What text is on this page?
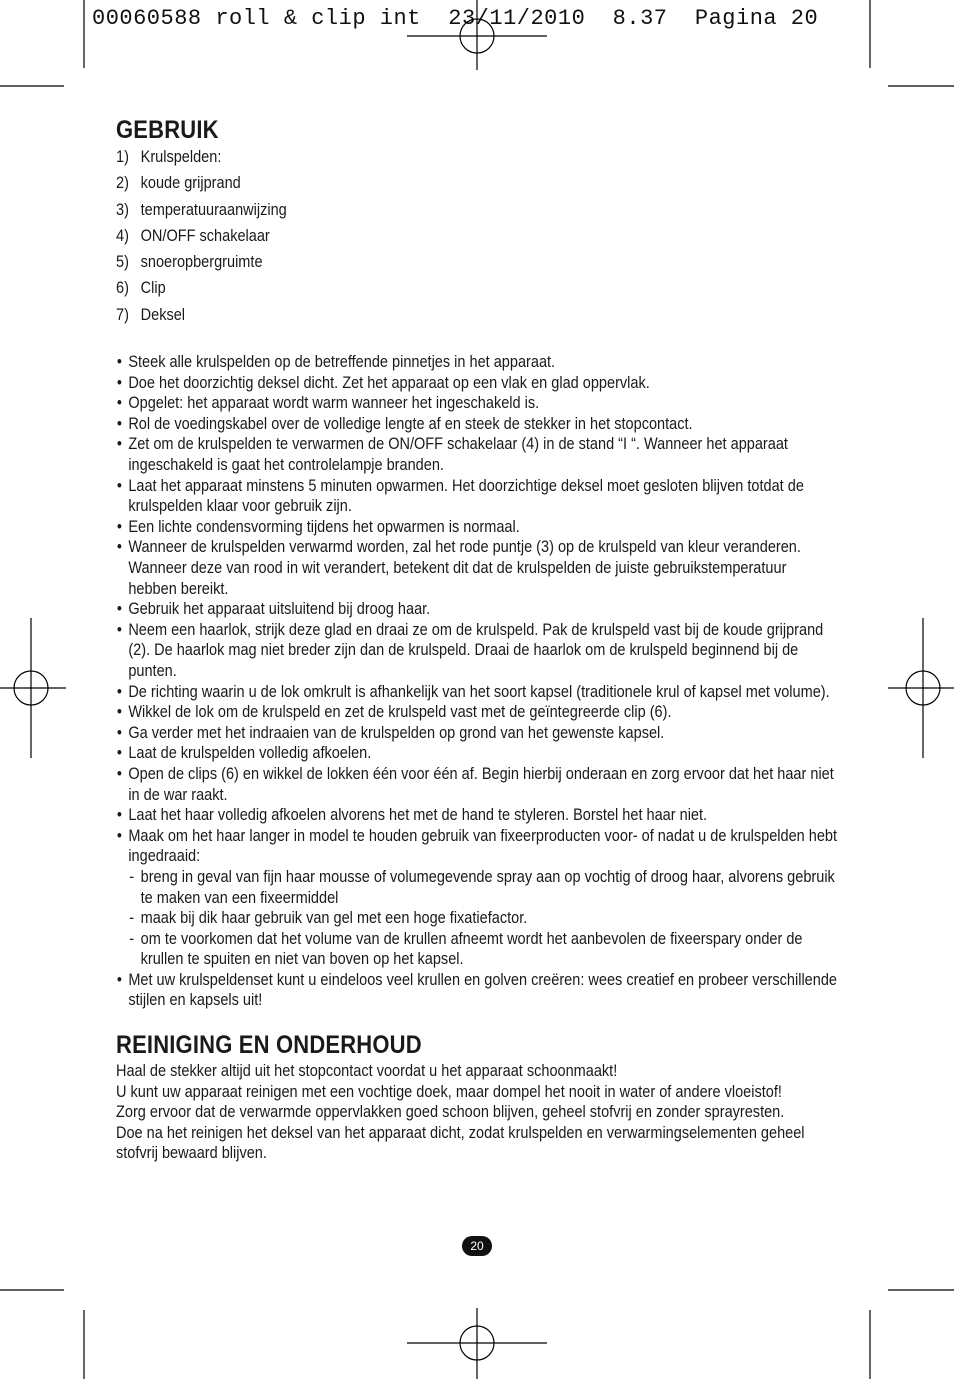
00060588 roll & clip int  23/11/2010  8.37  Pagina 20
GEBRUIK
1) Krulspelden:
2) koude grijprand
3) temperatuuraanwijzing
4) ON/OFF schakelaar
5) snoeropbergruimte
6) Clip
7) Deksel
• Steek alle krulspelden op de betreffende pinnetjes in het apparaat.
• Doe het doorzichtig deksel dicht. Zet het apparaat op een vlak en glad oppervlak.
• Opgelet: het apparaat wordt warm wanneer het ingeschakeld is.
• Rol de voedingskabel over de volledige lengte af en steek de stekker in het stopcontact.
• Zet om de krulspelden te verwarmen de ON/OFF schakelaar (4) in de stand “I “. Wanneer het apparaat ingeschakeld is gaat het controlelampje branden.
• Laat het apparaat minstens 5 minuten opwarmen. Het doorzichtige deksel moet gesloten blijven totdat de krulspelden klaar voor gebruik zijn.
• Een lichte condensvorming tijdens het opwarmen is normaal.
• Wanneer de krulspelden verwarmd worden, zal het rode puntje (3) op de krulspeld van kleur veranderen. Wanneer deze van rood in wit verandert, betekent dit dat de krulspelden de juiste gebruikstemperatuur hebben bereikt.
• Gebruik het apparaat uitsluitend bij droog haar.
• Neem een haarlok, strijk deze glad en draai ze om de krulspeld. Pak de krulspeld vast bij de koude grijprand (2). De haarlok mag niet breder zijn dan de krulspeld. Draai de haarlok om de krulspeld beginnend bij de punten.
• De richting waarin u de lok omkrult is afhankelijk van het soort kapsel (traditionele krul of kapsel met volume).
• Wikkel de lok om de krulspeld en zet de krulspeld vast met de geïntegreerde clip (6).
• Ga verder met het indraaien van de krulspelden op grond van het gewenste kapsel.
• Laat de krulspelden volledig afkoelen.
• Open de clips (6) en wikkel de lokken één voor één af. Begin hierbij onderaan en zorg ervoor dat het haar niet in de war raakt.
• Laat het haar volledig afkoelen alvorens het met de hand te styleren. Borstel het haar niet.
• Maak om het haar langer in model te houden gebruik van fixeerproducten voor- of nadat u de krulspelden hebt ingedraaid:
- breng in geval van fijn haar mousse of volumegevende spray aan op vochtig of droog haar, alvorens gebruik te maken van een fixeermiddel
- maak bij dik haar gebruik van gel met een hoge fixatiefactor.
- om te voorkomen dat het volume van de krullen afneemt wordt het aanbevolen de fixeerspary onder de krullen te spuiten en niet van boven op het kapsel.
• Met uw krulspeldenset kunt u eindeloos veel krullen en golven creëren: wees creatief en probeer verschillende stijlen en kapsels uit!
REINIGING EN ONDERHOUD

Haal de stekker altijd uit het stopcontact voordat u het apparaat schoonmaakt!

U kunt uw apparaat reinigen met een vochtige doek, maar dompel het nooit in water of andere vloeistof!

Zorg ervoor dat de verwarmde oppervlakken goed schoon blijven, geheel stofvrij en zonder sprayresten.

Doe na het reinigen het deksel van het apparaat dicht, zodat krulspelden en verwarmingselementen geheel stofvrij bewaard blijven.

20
